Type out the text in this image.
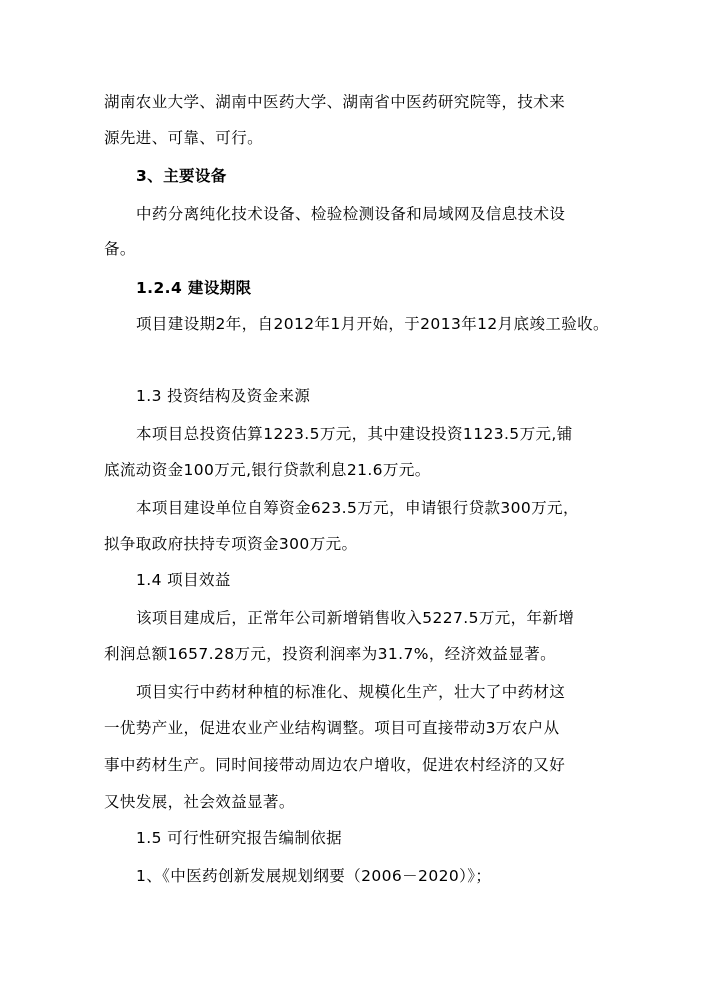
湖南农业大学、湖南中医药大学、湖南省中医药研究院等，技术来
源先进、可靠、可行。
3、主要设备
中药分离纯化技术设备、检验检测设备和局域网及信息技术设
备。
1.2.4 建设期限
项目建设期2年，自2012年1月开始，于2013年12月底竣工验收。
1.3 投资结构及资金来源
本项目总投资估算1223.5万元，其中建设投资1123.5万元,铺
底流动资金100万元,银行贷款利息21.6万元。
本项目建设单位自筹资金623.5万元，申请银行贷款300万元，
拟争取政府扶持专项资金300万元。
1.4 项目效益
该项目建成后，正常年公司新增销售收入5227.5万元，年新增
利润总额1657.28万元，投资利润率为31.7%，经济效益显著。
项目实行中药材种植的标准化、规模化生产，壮大了中药材这
一优势产业，促进农业产业结构调整。项目可直接带动3万农户从
事中药材生产。同时间接带动周边农户增收，促进农村经济的又好
又快发展，社会效益显著。
1.5 可行性研究报告编制依据
1、《中医药创新发展规划纲要（2006－2020）》；
